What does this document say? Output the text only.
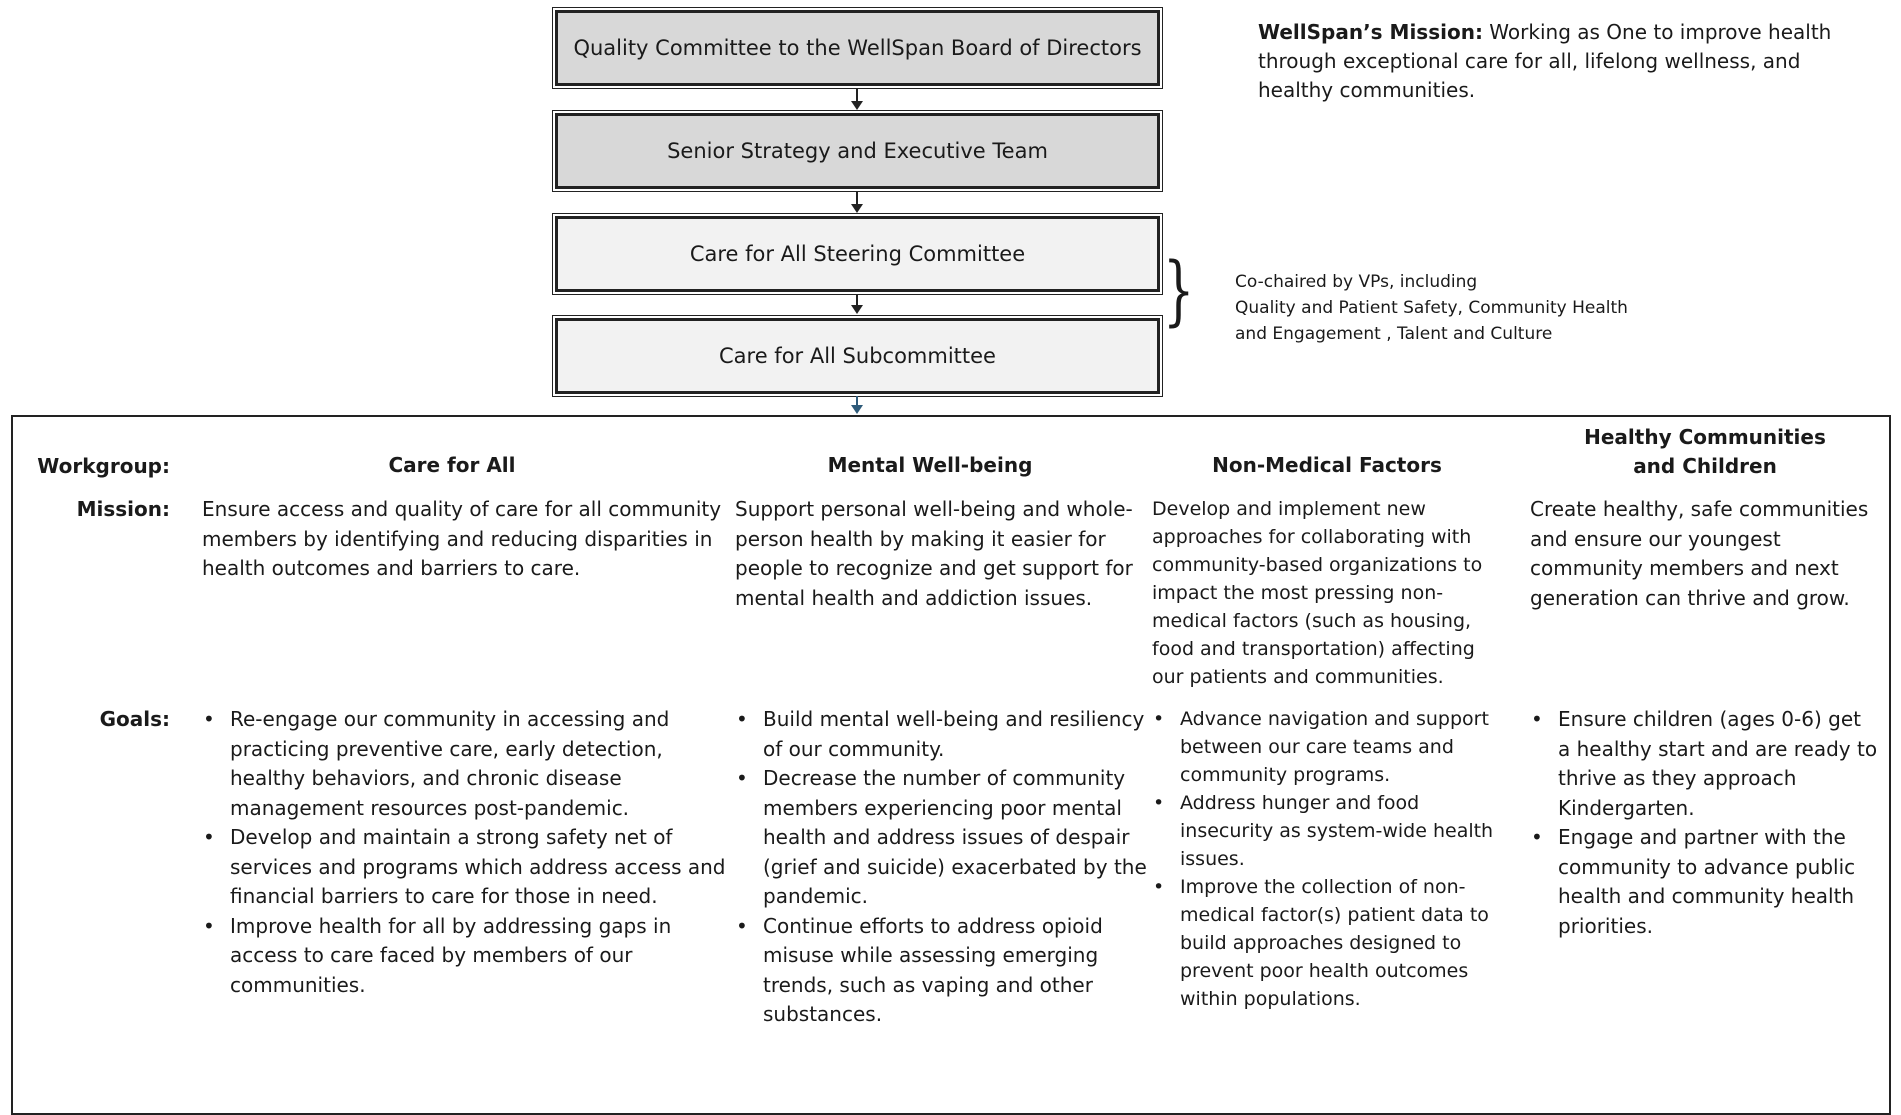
Quality Committee to the WellSpan Board of Directors
Senior Strategy and Executive Team
Care for All Steering Committee
Care for All Subcommittee
WellSpan’s Mission: Working as One to improve health through exceptional care for all, lifelong wellness, and healthy communities.
} Co-chaired by VPs, including
Quality and Patient Safety, Community Health
and Engagement , Talent and Culture
Workgroup:
Mission:
Goals:
Care for All
Ensure access and quality of care for all community members by identifying and reducing disparities in health outcomes and barriers to care.
• Re-engage our community in accessing and practicing preventive care, early detection, healthy behaviors, and chronic disease management resources post-pandemic.
• Develop and maintain a strong safety net of services and programs which address access and financial barriers to care for those in need.
• Improve health for all by addressing gaps in access to care faced by members of our communities.
Mental Well-being
Support personal well-being and whole-person health by making it easier for people to recognize and get support for mental health and addiction issues.
• Build mental well-being and resiliency of our community.
• Decrease the number of community members experiencing poor mental health and address issues of despair (grief and suicide) exacerbated by the pandemic.
• Continue efforts to address opioid misuse while assessing emerging trends, such as vaping and other substances.
Non-Medical Factors
Develop and implement new approaches for collaborating with community-based organizations to impact the most pressing non-medical factors (such as housing, food and transportation) affecting our patients and communities.
• Advance navigation and support between our care teams and community programs.
• Address hunger and food insecurity as system-wide health issues.
• Improve the collection of non-medical factor(s) patient data to build approaches designed to prevent poor health outcomes within populations.
Healthy Communities and Children
Create healthy, safe communities and ensure our youngest community members and next generation can thrive and grow.
• Ensure children (ages 0-6) get a healthy start and are ready to thrive as they approach Kindergarten.
• Engage and partner with the community to advance public health and community health priorities.
